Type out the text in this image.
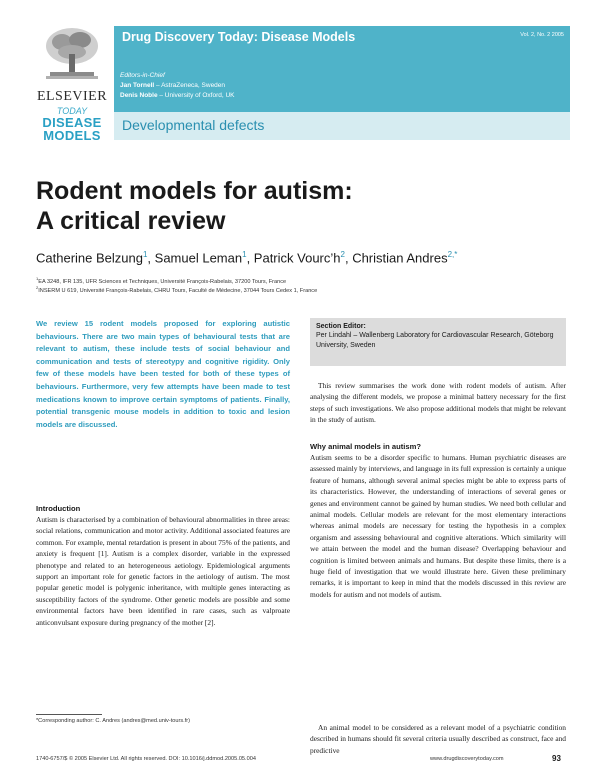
ELSEVIER
TODAY
DISEASE
MODELS
Drug Discovery Today: Disease Models	Vol. 2, No. 2 2005
Editors-in-Chief
Jan Tornell – AstraZeneca, Sweden
Denis Noble – University of Oxford, UK
Developmental defects
Rodent models for autism:
A critical review
Catherine Belzung$^1$, Samuel Leman$^1$, Patrick $Vourc’h^2$, Christian Andres$^{2,*}$
$^1$EA 3248, IFR 135, UFR Sciences et Techniques, Université François-Rabelais, 37200 Tours, France
$^2$INSERM U 619, Université François-Rabelais, CHRU Tours, Faculté de Médecine, 37044 Tours Cedex 1, France
We review 15 rodent models proposed for exploring autistic behaviours. There are two main types of behavioural tests that are relevant to autism, these include tests of social behaviour and communication and tests of stereotypy and cognitive rigidity. Only few of these models have been tested for both of these types of behaviours. Furthermore, very few attempts have been made to test medications known to improve certain symptoms of patients. Finally, potential transgenic mouse models in addition to toxic and lesion models are discussed.
Section Editor:
Per Lindahl – Wallenberg Laboratory for Cardiovascular Research, Göteborg University, Sweden
Introduction
Autism is characterised by a combination of behavioural abnormalities in three areas: social relations, communication and motor activity. Additional associated features are common. For example, mental retardation is present in about 75% of the patients, and anxiety is frequent [1]. Autism is a complex disorder, variable in the expressed phenotype and related to an heterogeneous aetiology. Epidemiological arguments support an important role for genetic factors in the aetiology of autism. The most popular genetic model is polygenic inheritance, with multiple genes interacting as susceptibility factors of the syndrome. Other genetic models are possible and some environmental factors have been identified in rare cases, such as valproate anticonvulsant exposure during pregnancy of the mother [2].
This review summarises the work done with rodent models of autism. After analysing the different models, we propose a minimal battery necessary for the first steps of such investigations. We also propose additional models that might be relevant in the study of autism.
Why animal models in autism?
Autism seems to be a disorder specific to humans. Human psychiatric diseases are assessed mainly by interviews, and language in its full expression is certainly a unique feature of humans, although several animal species might be able to express parts of its characteristics. However, the understanding of interactions of several genes or genes and environment cannot be gained by human studies. We need both cellular and animal models. Cellular models are relevant for the most elementary interactions whereas animal models are necessary for testing the hypothesis in a complex organism and assessing behavioural and cognitive alterations. Which similarity will we attain between the model and the human disease? Overlapping behaviour and cognition is limited between animals and humans. But despite these limits, there is a huge field of investigation that we would illustrate here. Given these preliminary remarks, it is important to keep in mind that the models discussed in this review are models for autism and not models of autism.
An animal model to be considered as a relevant model of a psychiatric condition described in humans should fit several criteria usually described as construct, face and predictive
*Corresponding author: C. Andres (andres@med.univ-tours.fr)
1740-6757/$ © 2005 Elsevier Ltd. All rights reserved. DOI: 10.1016/j.ddmod.2005.05.004	www.drugdiscoverytoday.com	93
